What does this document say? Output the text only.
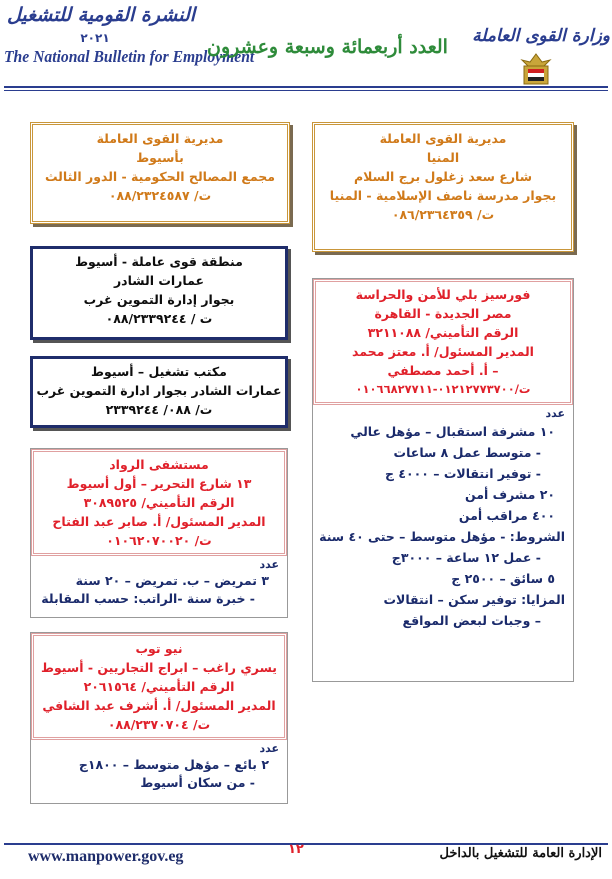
النشرة القومية للتشغيل
٢٠٢١
The National Bulletin for Employment
العدد أربعمائة وسبعة وعشرون	وزارة القوى العاملة
مديرية القوى العاملة
المنيا
شارع سعد زغلول برج السلام
بجوار مدرسة ناصف الإسلامية - المنيا
ت/ ٠٨٦/٢٣٦٤٣٥٩
مديرية القوى العاملة
بأسيوط
مجمع المصالح الحكومية - الدور الثالث
ت/ ٠٨٨/٢٣٢٤٥٨٧
منطقة قوى عاملة - أسيوط
عمارات الشادر
بجوار إدارة التموين غرب
ت / ٠٨٨/٢٣٣٩٢٤٤
مكتب تشغيل – أسيوط
عمارات الشادر بجوار ادارة التموين غرب
ت/ ٠٨٨/ ٢٣٣٩٢٤٤
مستشفى الرواد
١٣ شارع التحرير – أول أسيوط
الرقم التأميني/ ٣٠٨٩٥٢٥
المدير المسئول/ أ. صابر عبد الفتاح
ت/ ٠١٠٦٢٠٧٠٠٢٠
عدد
٣ تمريض – ب. تمريض – ٢٠ سنة
- خبرة سنة -الراتب: حسب المقابلة
نيو توب
يسري راغب – ابراج التجاريين - أسيوط
الرقم التأميني/ ٢٠٦١٥٦٤
المدير المسئول/ أ. أشرف عبد الشافي
ت/ ٠٨٨/٢٣٧٠٧٠٤
عدد
٢ بائع – مؤهل متوسط – ١٨٠٠ج
- من سكان أسيوط
فورسيز بلي للأمن والحراسة
مصر الجديدة - القاهرة
الرقم التأميني/ ٣٢١١٠٨٨
المدير المسئول/ أ. معتز محمد
– أ. أحمد مصطفي
ت/٠١٢١٢٧٧٣٧٠٠-٠١٠٦٦٨٢٧٧١١
عدد
١٠ مشرفة استقبال – مؤهل عالي
- متوسط عمل ٨ ساعات
- توفير انتقالات – ٤٠٠٠ ج
٢٠ مشرف أمن
٤٠٠ مراقب أمن
الشروط: - مؤهل متوسط – حتى ٤٠ سنة
- عمل ١٢ ساعة – ٣٠٠٠ج
٥ سائق – ٢٥٠٠ ج
المزايا: توفير سكن – انتقالات
– وجبات لبعض المواقع
www.manpower.gov.eg	١٢	الإدارة العامة للتشغيل بالداخل
